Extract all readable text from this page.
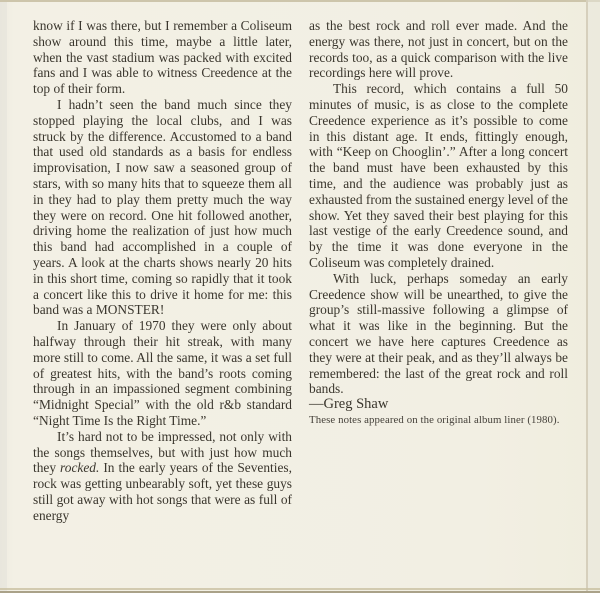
know if I was there, but I remember a Coliseum show around this time, maybe a little later, when the vast stadium was packed with excited fans and I was able to witness Creedence at the top of their form.

I hadn’t seen the band much since they stopped playing the local clubs, and I was struck by the difference. Accustomed to a band that used old standards as a basis for endless improvisation, I now saw a seasoned group of stars, with so many hits that to squeeze them all in they had to play them pretty much the way they were on record. One hit followed another, driving home the realization of just how much this band had accomplished in a couple of years. A look at the charts shows nearly 20 hits in this short time, coming so rapidly that it took a concert like this to drive it home for me: this band was a MONSTER!

In January of 1970 they were only about halfway through their hit streak, with many more still to come. All the same, it was a set full of greatest hits, with the band’s roots coming through in an impassioned segment combining “Midnight Special” with the old r&b standard “Night Time Is the Right Time.”

It’s hard not to be impressed, not only with the songs themselves, but with just how much they rocked. In the early years of the Seventies, rock was getting unbearably soft, yet these guys still got away with hot songs that were as full of energy

as the best rock and roll ever made. And the energy was there, not just in concert, but on the records too, as a quick comparison with the live recordings here will prove.

This record, which contains a full 50 minutes of music, is as close to the complete Creedence experience as it’s possible to come in this distant age. It ends, fittingly enough, with “Keep on Chooglin’.” After a long concert the band must have been exhausted by this time, and the audience was probably just as exhausted from the sustained energy level of the show. Yet they saved their best playing for this last vestige of the early Creedence sound, and by the time it was done everyone in the Coliseum was completely drained.

With luck, perhaps someday an early Creedence show will be unearthed, to give the group’s still-massive following a glimpse of what it was like in the beginning. But the concert we have here captures Creedence as they were at their peak, and as they’ll always be remembered: the last of the great rock and roll bands.

—Greg Shaw

These notes appeared on the original album liner (1980).
